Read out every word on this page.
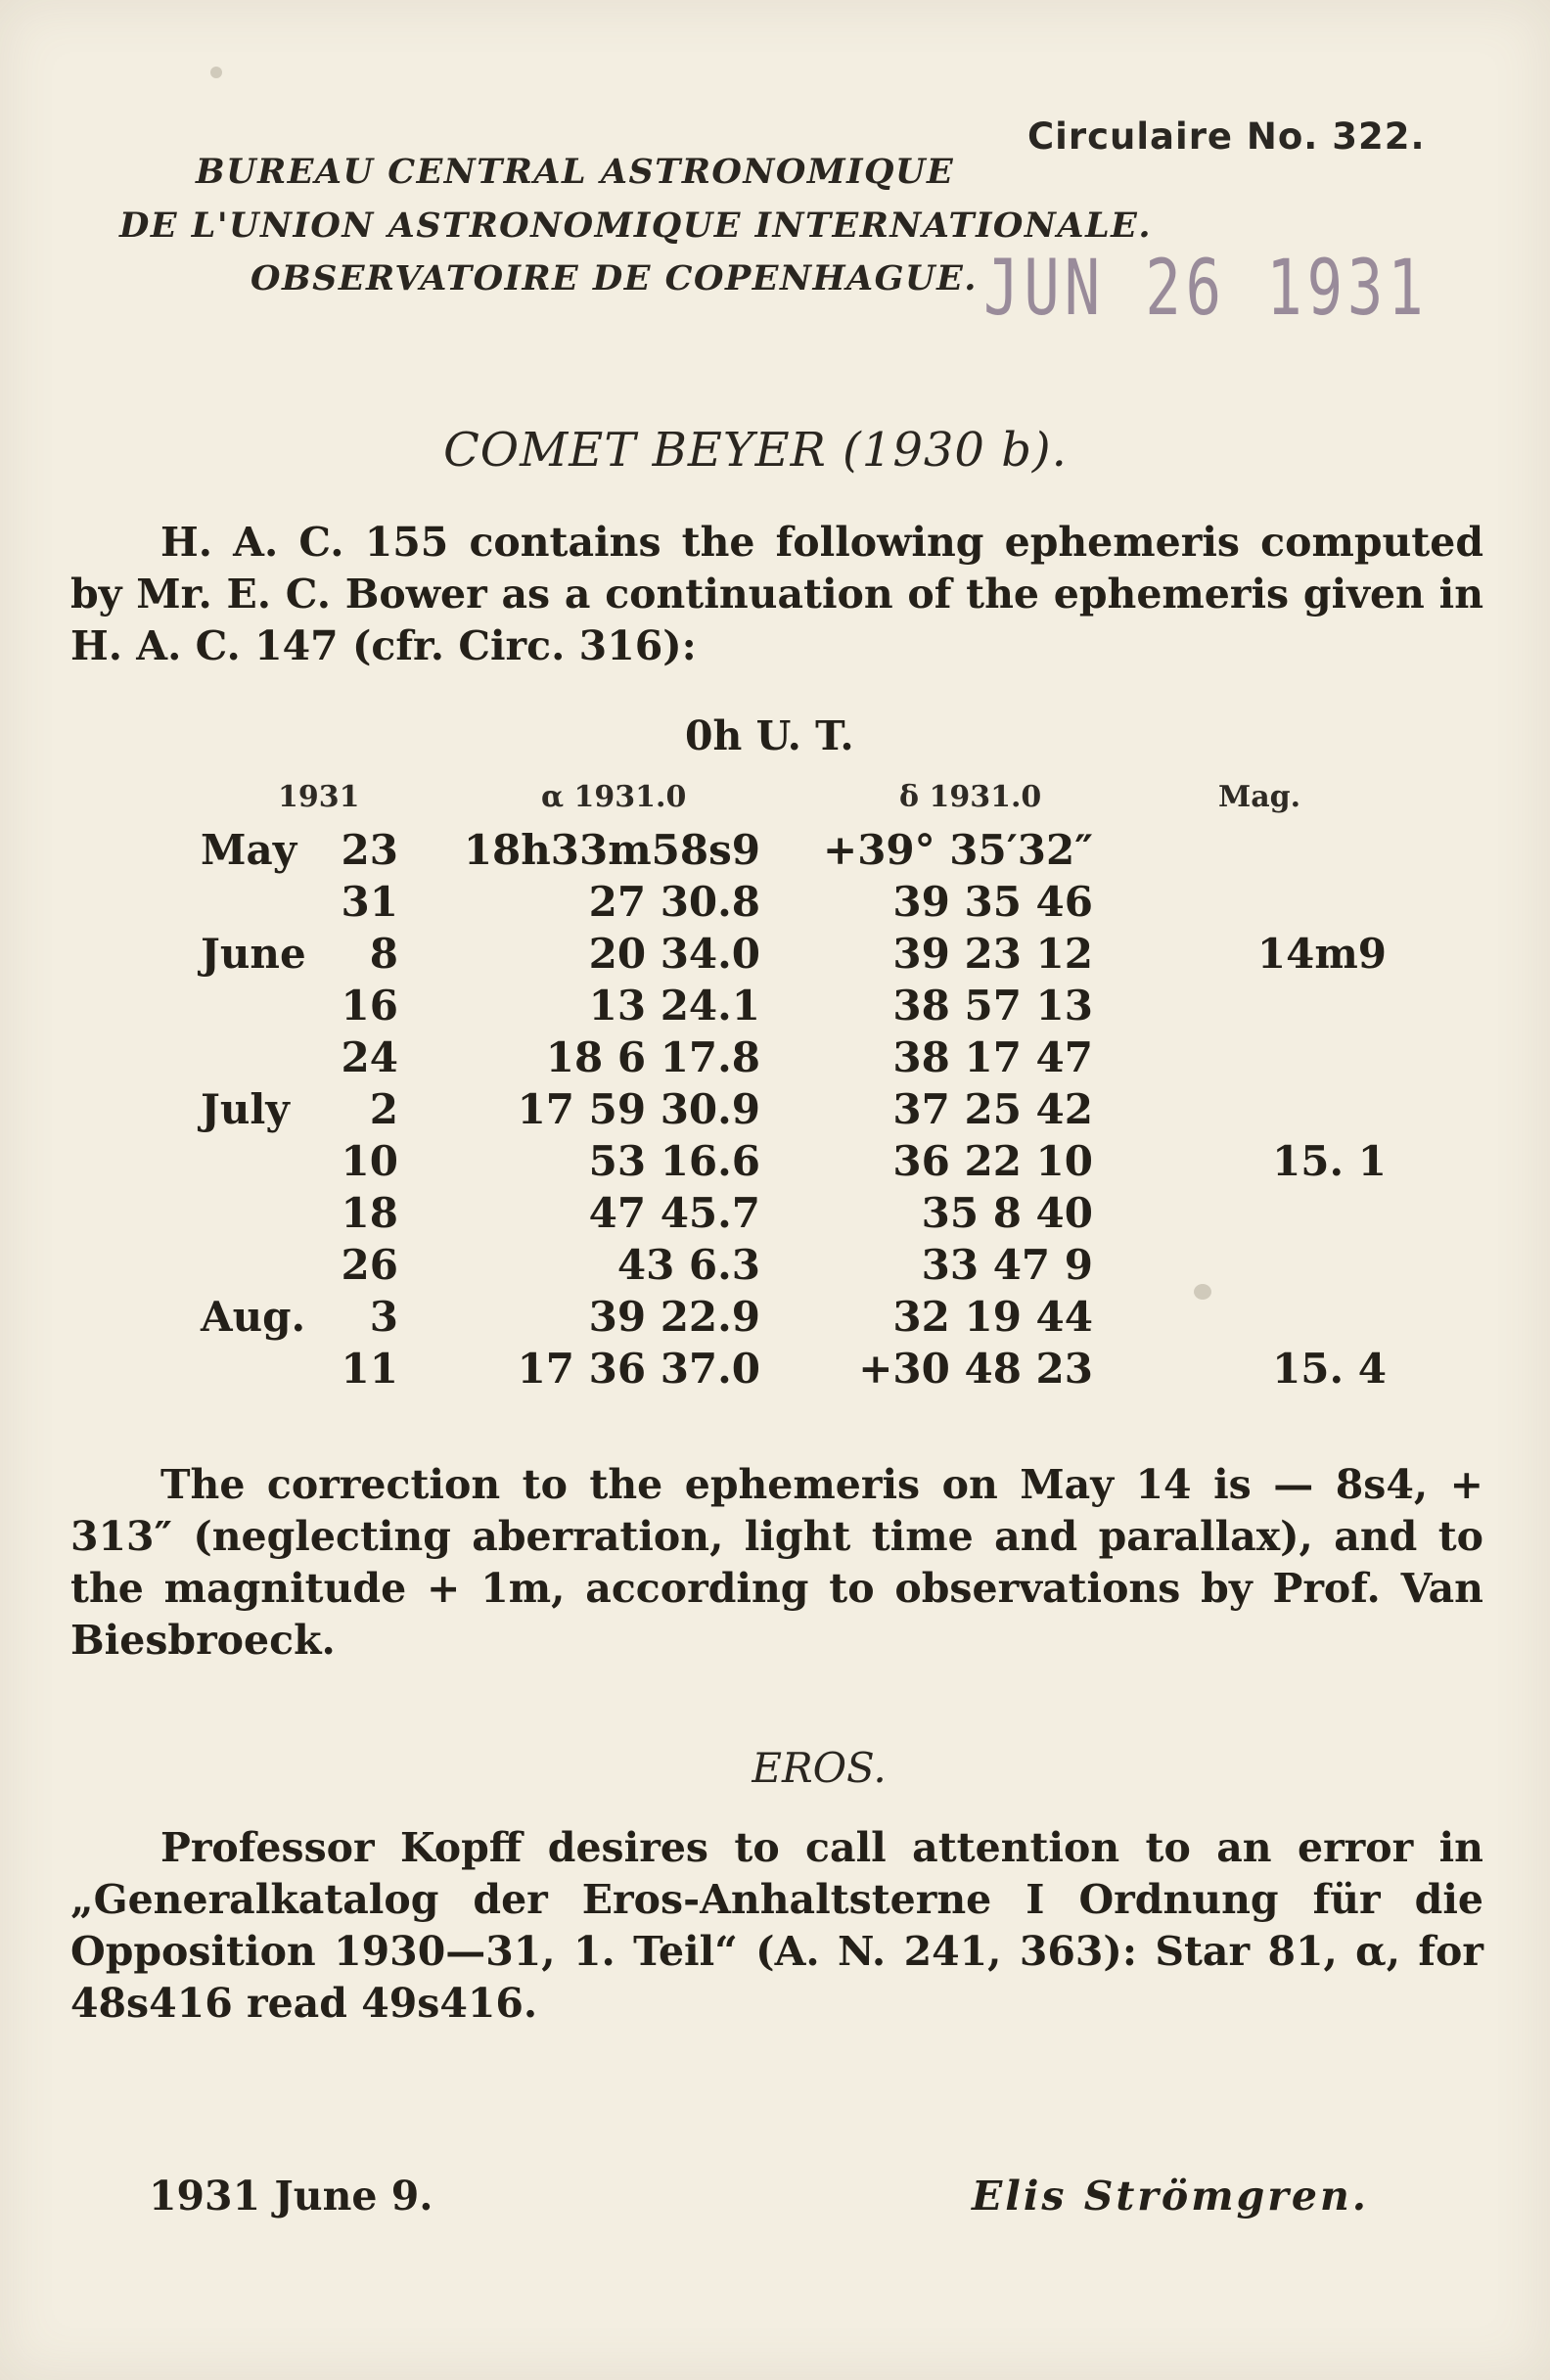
Circulaire No. 322.
BUREAU CENTRAL ASTRONOMIQUE
DE L'UNION ASTRONOMIQUE INTERNATIONALE.
OBSERVATOIRE DE COPENHAGUE. JUN 26 1931
COMET BEYER (1930 b).

H. A. C. 155 contains the following ephemeris computed by Mr. E. C. Bower as a continuation of the ephemeris given in H. A. C. 147 (cfr. Circ. 316):

0h U. T.
1931	α 1931.0	δ 1931.0	Mag.
May	23	18h33m58s9	+39° 35′32″	
	31	27 30.8	39 35 46	
June	8	20 34.0	39 23 12	14m9
	16	13 24.1	38 57 13	
	24	18 6 17.8	38 17 47	
July	2	17 59 30.9	37 25 42	
	10	53 16.6	36 22 10	15. 1
	18	47 45.7	35 8 40	
	26	43 6.3	33 47 9	
Aug.	3	39 22.9	32 19 44	
	11	17 36 37.0	+30 48 23	15. 4

The correction to the ephemeris on May 14 is — 8s4, + 313″ (neglecting aberration, light time and parallax), and to the magnitude + 1m, according to observations by Prof. Van Biesbroeck.

EROS.

Professor Kopff desires to call attention to an error in „Generalkatalog der Eros-Anhaltsterne I Ordnung für die Opposition 1930—31, 1. Teil“ (A. N. 241, 363): Star 81, α, for 48s416 read 49s416.

1931 June 9.	Elis Strömgren.
